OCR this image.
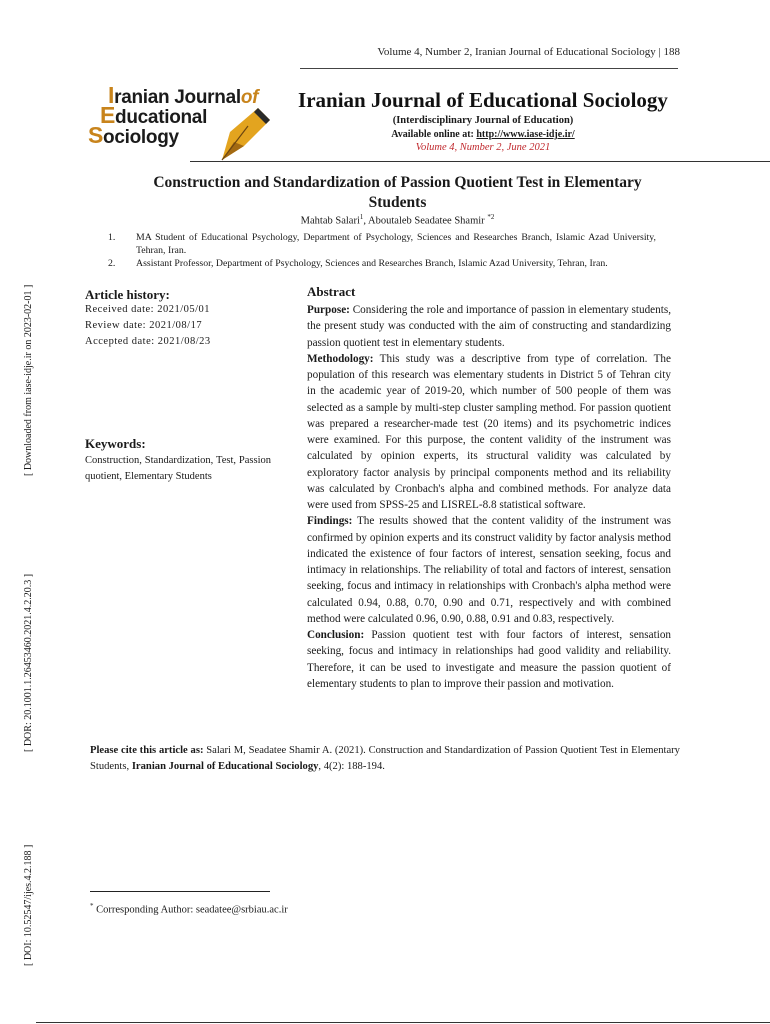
Volume 4, Number 2, Iranian Journal of Educational Sociology | 188
Iranian Journalof
Educational
Sociology
Iranian Journal of Educational Sociology
(Interdisciplinary Journal of Education)
Available online at: http://www.iase-idje.ir/
Volume 4, Number 2, June 2021
[ Downloaded from iase-idje.ir on 2023-02-01 ]
[ DOR: 20.1001.1.26453460.2021.4.2.20.3 ]
[ DOI: 10.52547/ijes.4.2.188 ]
Construction and Standardization of Passion Quotient Test in Elementary
Students
Mahtab Salari$^1$, Aboutaleb Seadatee Shamir $^{*2}$
1. MA Student of Educational Psychology, Department of Psychology, Sciences and Researches Branch, Islamic Azad University, Tehran, Iran.
2. Assistant Professor, Department of Psychology, Sciences and Researches Branch, Islamic Azad University, Tehran, Iran.
Article history:
Received date: 2021/05/01
Review date: 2021/08/17
Accepted date: 2021/08/23
Keywords:
Construction, Standardization, Test, Passion quotient, Elementary Students
Abstract

Purpose: Considering the role and importance of passion in elementary students, the present study was conducted with the aim of constructing and standardizing passion quotient test in elementary students.

Methodology: This study was a descriptive from type of correlation. The population of this research was elementary students in District 5 of Tehran city in the academic year of 2019-20, which number of 500 people of them was selected as a sample by multi-step cluster sampling method. For passion quotient was prepared a researcher-made test (20 items) and its psychometric indices were examined. For this purpose, the content validity of the instrument was calculated by opinion experts, its structural validity was calculated by exploratory factor analysis by principal components method and its reliability was calculated by Cronbach's alpha and combined methods. For analyze data were used from SPSS-25 and LISREL-8.8 statistical software.

Findings: The results showed that the content validity of the instrument was confirmed by opinion experts and its construct validity by factor analysis method indicated the existence of four factors of interest, sensation seeking, focus and intimacy in relationships. The reliability of total and factors of interest, sensation seeking, focus and intimacy in relationships with Cronbach's alpha method were calculated 0.94, 0.88, 0.70, 0.90 and 0.71, respectively and with combined method were calculated 0.96, 0.90, 0.88, 0.91 and 0.83, respectively.

Conclusion: Passion quotient test with four factors of interest, sensation seeking, focus and intimacy in relationships had good validity and reliability. Therefore, it can be used to investigate and measure the passion quotient of elementary students to plan to improve their passion and motivation.

Please cite this article as: Salari M, Seadatee Shamir A. (2021). Construction and Standardization of Passion Quotient Test in Elementary Students, Iranian Journal of Educational Sociology, 4(2): 188-194.
* Corresponding Author: seadatee@srbiau.ac.ir
